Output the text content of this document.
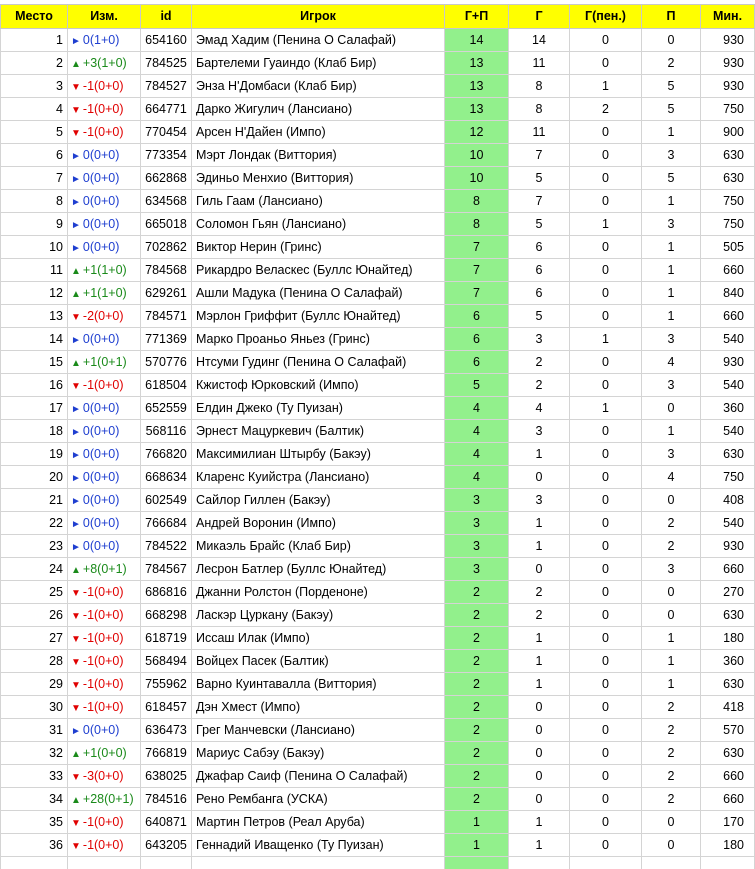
Место	Изм.	id	Игрок	Г+П	Г	Г(пен.)	П	Мин.
1 ► 0(1+0)	654160 Эмад Хадим (Пенина О Салафай)	14	14	0	0	930
2 ▲ +3(1+0)	784525 Бартелеми Гуаиндо (Клаб Бир)	13	11	0	2	930
3 ▼ -1(0+0)	784527 Энза Н'Домбаси (Клаб Бир)	13	8	1	5	930
4 ▼ -1(0+0)	664771 Дарко Жигулич (Лансиано)	13	8	2	5	750
5 ▼ -1(0+0)	770454 Арсен Н'Дайен (Импо)	12	11	0	1	900
6 ► 0(0+0)	773354 Мэрт Лондак (Виттория)	10	7	0	3	630
7 ► 0(0+0)	662868 Эдиньо Менхио (Виттория)	10	5	0	5	630
8 ► 0(0+0)	634568 Гиль Гаам (Лансиано)	8	7	0	1	750
9 ► 0(0+0)	665018 Соломон Гьян (Лансиано)	8	5	1	3	750
10 ► 0(0+0)	702862 Виктор Нерин (Гринс)	7	6	0	1	505
11 ▲ +1(1+0)	784568 Рикардро Веласкес (Буллс Юнайтед)	7	6	0	1	660
12 ▲ +1(1+0)	629261 Ашли Мадука (Пенина О Салафай)	7	6	0	1	840
13 ▼ -2(0+0)	784571 Мэрлон Гриффит (Буллс Юнайтед)	6	5	0	1	660
14 ► 0(0+0)	771369 Марко Проаньо Яньез (Гринс)	6	3	1	3	540
15 ▲ +1(0+1)	570776 Нтсуми Гудинг (Пенина О Салафай)	6	2	0	4	930
16 ▼ -1(0+0)	618504 Кжистоф Юрковский (Импо)	5	2	0	3	540
17 ► 0(0+0)	652559 Елдин Джеко (Ту Пуизан)	4	4	1	0	360
18 ► 0(0+0)	568116 Эрнест Мацуркевич (Балтик)	4	3	0	1	540
19 ► 0(0+0)	766820 Максимилиан Штырбу (Бакэу)	4	1	0	3	630
20 ► 0(0+0)	668634 Кларенс Куийстра (Лансиано)	4	0	0	4	750
21 ► 0(0+0)	602549 Сайлор Гиллен (Бакэу)	3	3	0	0	408
22 ► 0(0+0)	766684 Андрей Воронин (Импо)	3	1	0	2	540
23 ► 0(0+0)	784522 Микаэль Брайс (Клаб Бир)	3	1	0	2	930
24 ▲ +8(0+1)	784567 Лесрон Батлер (Буллс Юнайтед)	3	0	0	3	660
25 ▼ -1(0+0)	686816 Джанни Ролстон (Порденоне)	2	2	0	0	270
26 ▼ -1(0+0)	668298 Ласкэр Цуркану (Бакэу)	2	2	0	0	630
27 ▼ -1(0+0)	618719 Иссаш Илак (Импо)	2	1	0	1	180
28 ▼ -1(0+0)	568494 Войцех Пасек (Балтик)	2	1	0	1	360
29 ▼ -1(0+0)	755962 Варно Куинтавалла (Виттория)	2	1	0	1	630
30 ▼ -1(0+0)	618457 Дэн Хмест (Импо)	2	0	0	2	418
31 ► 0(0+0)	636473 Грег Манчевски (Лансиано)	2	0	0	2	570
32 ▲ +1(0+0)	766819 Мариус Сабэу (Бакэу)	2	0	0	2	630
33 ▼ -3(0+0)	638025 Джафар Саиф (Пенина О Салафай)	2	0	0	2	660
34 ▲ +28(0+1) 784516 Рено Рембанга (УСКА)	2	0	0	2	660
35 ▼ -1(0+0)	640871 Мартин Петров (Реал Аруба)	1	1	0	0	170
36 ▼ -1(0+0)	643205 Геннадий Иващенко (Ту Пуизан)	1	1	0	0	180
